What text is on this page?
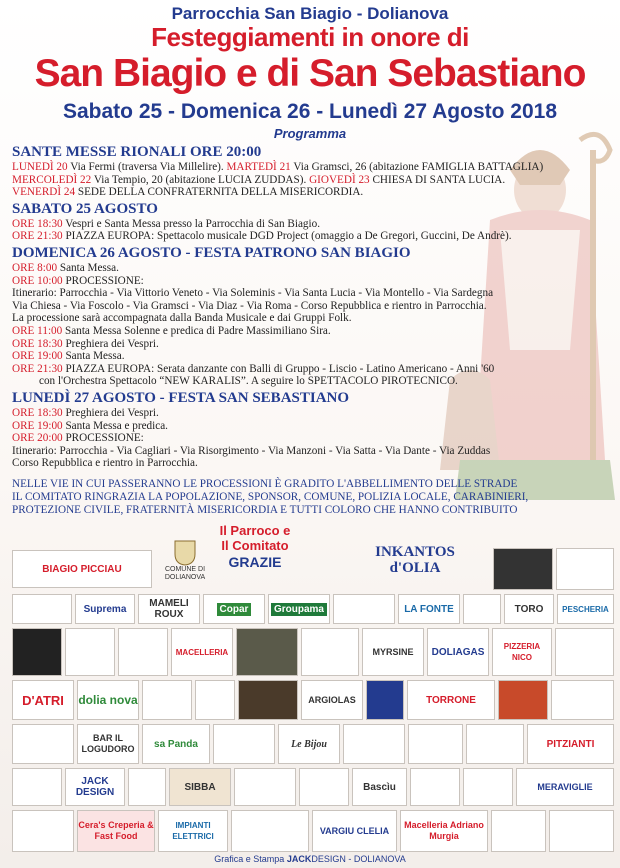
Parrocchia San Biagio - Dolianova
Festeggiamenti in onore di
San Biagio e di San Sebastiano
Sabato 25 - Domenica 26 - Lunedì 27 Agosto 2018
Programma
SANTE MESSE RIONALI ORE 20:00
LUNEDÌ 20 Via Fermi (traversa Via Millelire). MARTEDÌ 21 Via Gramsci, 26 (abitazione FAMIGLIA BATTAGLIA)
MERCOLEDÌ 22 Via Tempio, 20 (abitazione LUCIA ZUDDAS). GIOVEDÌ 23 CHIESA DI SANTA LUCIA.
VENERDÌ 24 SEDE DELLA CONFRATERNITA DELLA MISERICORDIA.
SABATO 25 AGOSTO
ORE 18:30 Vespri e Santa Messa presso la Parrocchia di San Biagio.
ORE 21:30 PIAZZA EUROPA: Spettacolo musicale DGD Project (omaggio a De Gregori, Guccini, De Andrè).
DOMENICA 26 AGOSTO - FESTA PATRONO SAN BIAGIO
ORE 8:00 Santa Messa.
ORE 10:00 PROCESSIONE:
Itinerario: Parrocchia - Via Vittorio Veneto - Via Soleminis - Via Santa Lucia - Via Montello - Via Sardegna
Via Chiesa - Via Foscolo - Via Gramsci - Via Diaz - Via Roma - Corso Repubblica e rientro in Parrocchia.
La processione sarà accompagnata dalla Banda Musicale e dai Gruppi Folk.
ORE 11:00 Santa Messa Solenne e predica di Padre Massimiliano Sira.
ORE 18:30 Preghiera dei Vespri.
ORE 19:00 Santa Messa.
ORE 21:30 PIAZZA EUROPA: Serata danzante con Balli di Gruppo - Liscio - Latino Americano - Anni '60
con l'Orchestra Spettacolo “NEW KARALIS”. A seguire lo SPETTACOLO PIROTECNICO.
LUNEDÌ 27 AGOSTO - FESTA SAN SEBASTIANO
ORE 18:30 Preghiera dei Vespri.
ORE 19:00 Santa Messa e predica.
ORE 20:00 PROCESSIONE:
Itinerario: Parrocchia - Via Cagliari - Via Risorgimento - Via Manzoni - Via Satta - Via Dante - Via Zuddas
Corso Repubblica e rientro in Parrocchia.
NELLE VIE IN CUI PASSERANNO LE PROCESSIONI È GRADITO L'ABBELLIMENTO DELLE STRADE
IL COMITATO RINGRAZIA LA POPOLAZIONE, SPONSOR, COMUNE, POLIZIA LOCALE, CARABINIERI,
PROTEZIONE CIVILE, FRATERNITÀ MISERICORDIA E TUTTI COLORO CHE HANNO CONTRIBUITO
Il Parroco e
Il Comitato
GRAZIE
BIAGIO PICCIAU	COMUNE DI DOLIANOVA
INKANTOS d'OLIA
Suprema	MAMELI ROUX	Copar	Groupama	LA FONTE	TORO PESCHERIA
MACELLERIA	MYRSINE DOLIAGAS	PIZZERIA NICO
D'ATRI dolia nova	ARGIOLAS	TORRONE
BAR IL LOGUDORO	sa Panda	Le Bijou	PITZIANTI
JACK DESIGN	SIBBA	Bascìu	MERAVIGLIE
Cera's Creperia & Fast Food
IMPIANTI ELETTRICI
VARGIU CLELIA
Macelleria Adriano Murgia
Grafica e Stampa JACKDESIGN - DOLIANOVA
